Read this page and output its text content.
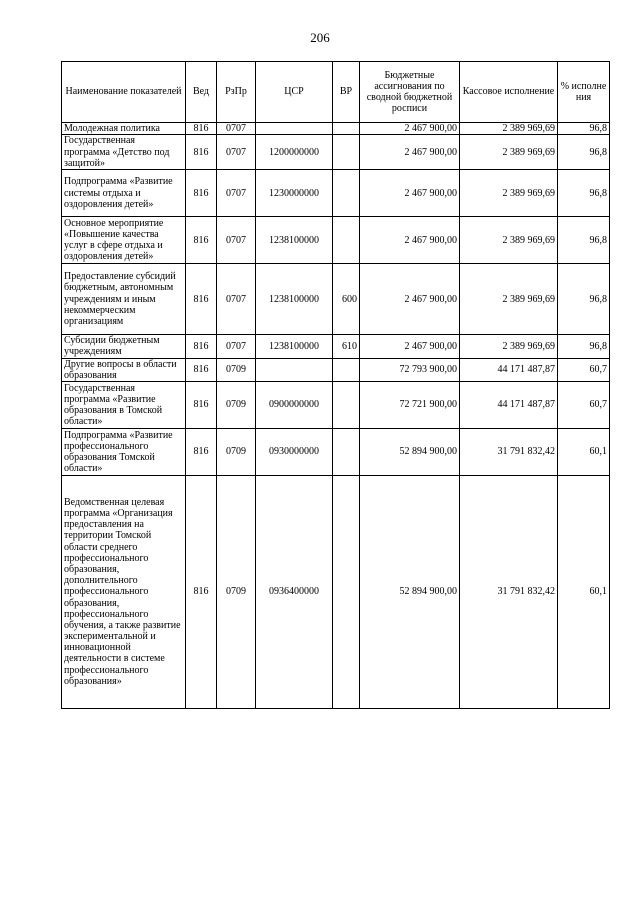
206
Наименование показателей	Вед	РзПр	ЦСР	ВР	Бюджетные ассигнования по сводной бюджетной росписи	Кассовое исполнение	% исполне ния
Молодежная политика	816	0707			2 467 900,00	2 389 969,69	96,8
Государственная программа «Детство под защитой»	816	0707	1200000000		2 467 900,00	2 389 969,69	96,8
Подпрограмма «Развитие системы отдыха и оздоровления детей»	816	0707	1230000000		2 467 900,00	2 389 969,69	96,8
Основное мероприятие «Повышение качества услуг в сфере отдыха и оздоровления детей»	816	0707	1238100000		2 467 900,00	2 389 969,69	96,8
Предоставление субсидий бюджетным, автономным учреждениям и иным некоммерческим организациям	816	0707	1238100000	600	2 467 900,00	2 389 969,69	96,8
Субсидии бюджетным учреждениям	816	0707	1238100000	610	2 467 900,00	2 389 969,69	96,8
Другие вопросы в области образования	816	0709			72 793 900,00	44 171 487,87	60,7
Государственная программа «Развитие образования в Томской области»	816	0709	0900000000		72 721 900,00	44 171 487,87	60,7
Подпрограмма «Развитие профессионального образования Томской области»	816	0709	0930000000		52 894 900,00	31 791 832,42	60,1
Ведомственная целевая программа «Организация предоставления на территории Томской области среднего профессионального образования, дополнительного профессионального образования, профессионального обучения, а также развитие экспериментальной и инновационной деятельности в системе профессионального образования»	816	0709	0936400000		52 894 900,00	31 791 832,42	60,1
